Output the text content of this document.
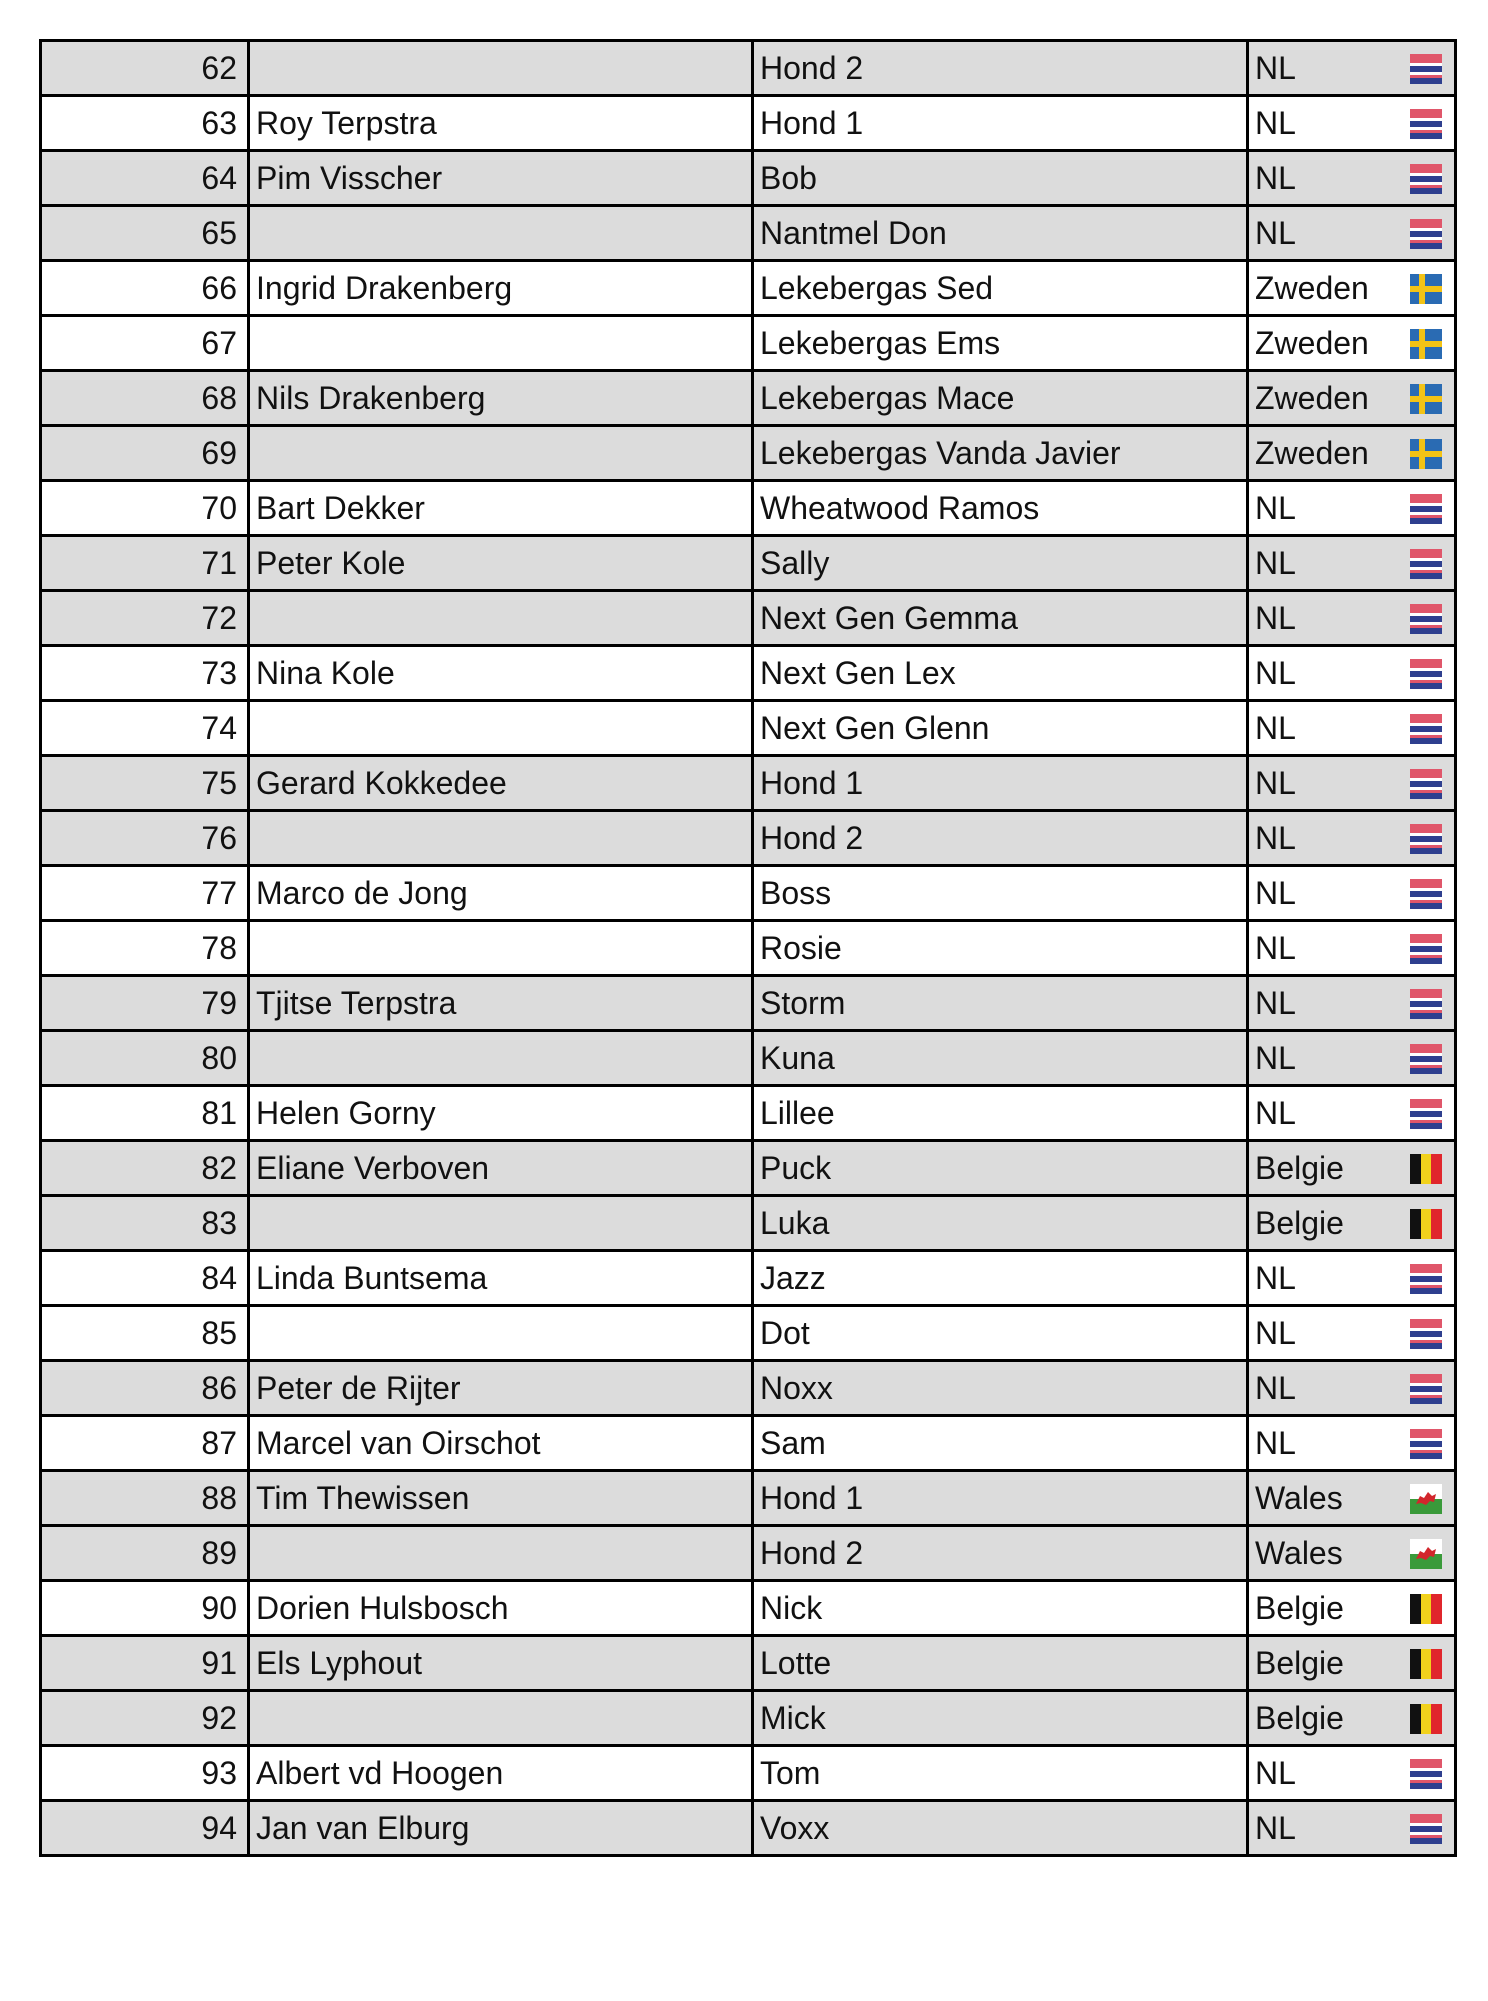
62		Hond 2	NL
63	Roy Terpstra	Hond 1	NL
64	Pim Visscher	Bob	NL
65		Nantmel Don	NL
66	Ingrid Drakenberg	Lekebergas Sed	Zweden
67		Lekebergas Ems	Zweden
68	Nils Drakenberg	Lekebergas Mace	Zweden
69		Lekebergas Vanda Javier	Zweden
70	Bart Dekker	Wheatwood Ramos	NL
71	Peter Kole	Sally	NL
72		Next Gen Gemma	NL
73	Nina Kole	Next Gen Lex	NL
74		Next Gen Glenn	NL
75	Gerard Kokkedee	Hond 1	NL
76		Hond 2	NL
77	Marco de Jong	Boss	NL
78		Rosie	NL
79	Tjitse Terpstra	Storm	NL
80		Kuna	NL
81	Helen Gorny	Lillee	NL
82	Eliane Verboven	Puck	Belgie
83		Luka	Belgie
84	Linda Buntsema	Jazz	NL
85		Dot	NL
86	Peter de Rijter	Noxx	NL
87	Marcel van Oirschot	Sam	NL
88	Tim Thewissen	Hond 1	Wales
89		Hond 2	Wales
90	Dorien Hulsbosch	Nick	Belgie
91	Els Lyphout	Lotte	Belgie
92		Mick	Belgie
93	Albert vd Hoogen	Tom	NL
94	Jan van Elburg	Voxx	NL
